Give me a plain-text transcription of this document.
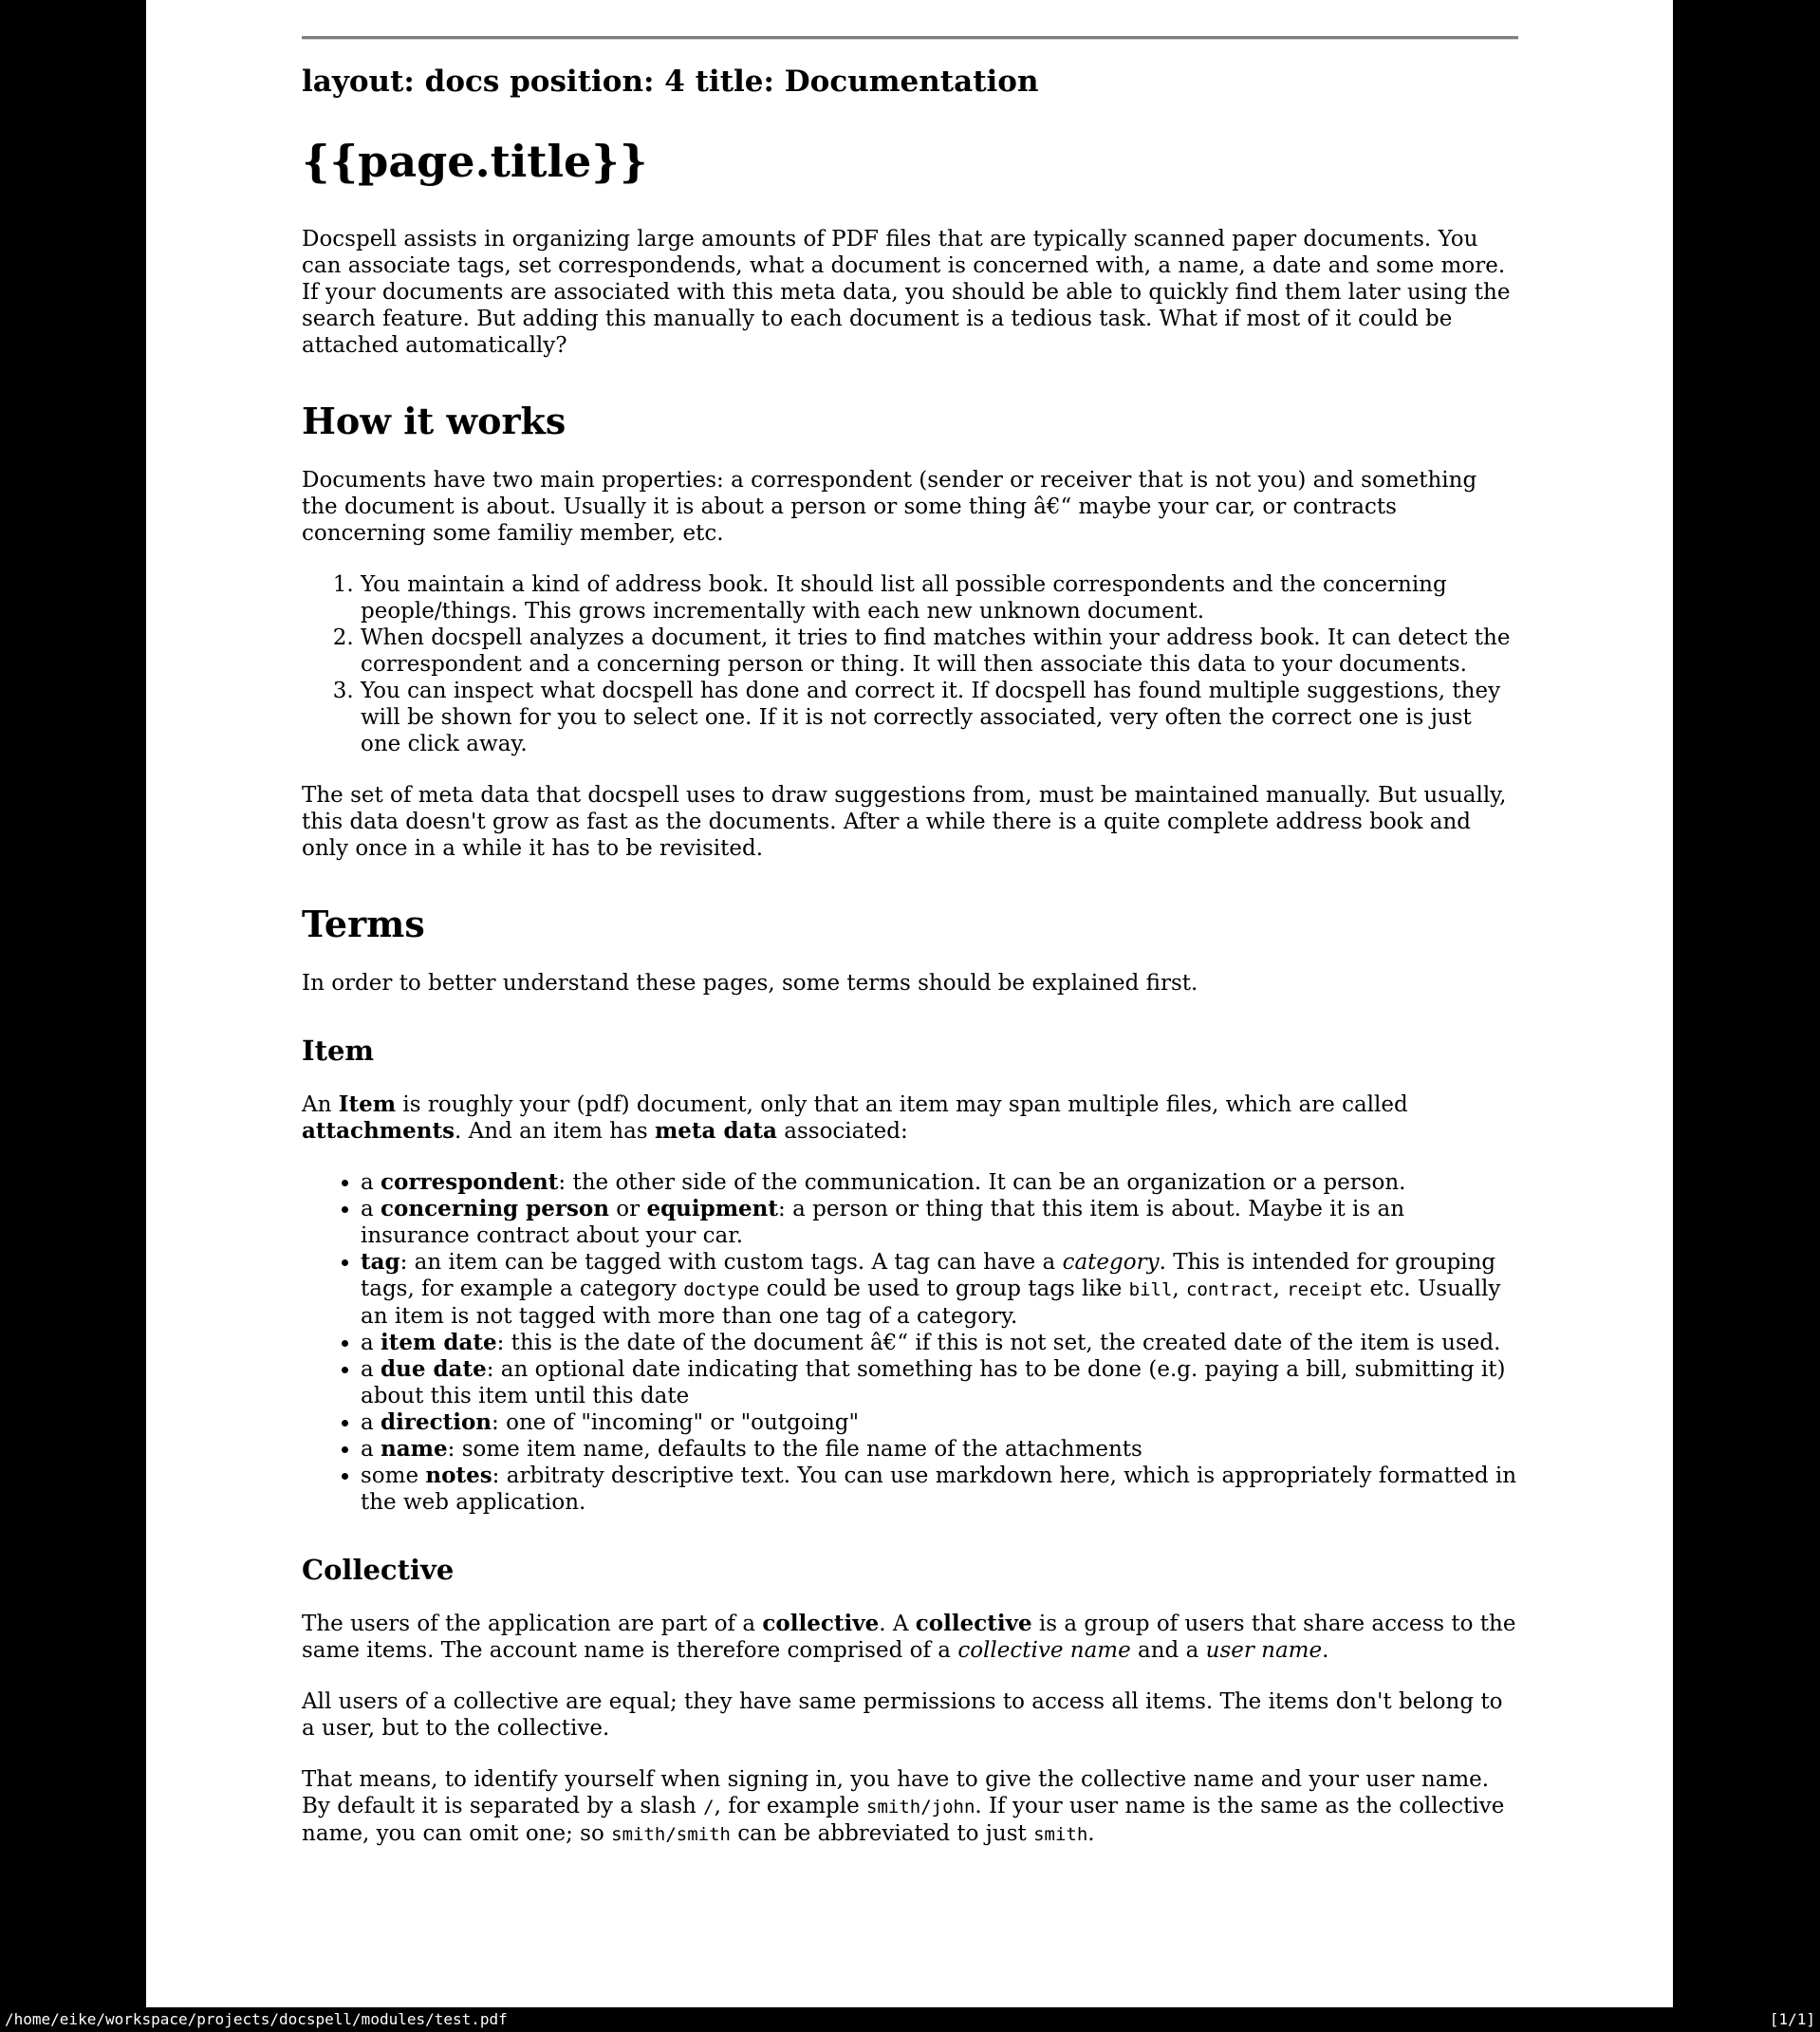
layout: docs position: 4 title: Documentation

{{page.title}}

Docspell assists in organizing large amounts of PDF files that are typically scanned paper documents. You can associate tags, set correspondends, what a document is concerned with, a name, a date and some more. If your documents are associated with this meta data, you should be able to quickly find them later using the search feature. But adding this manually to each document is a tedious task. What if most of it could be attached automatically?

How it works

Documents have two main properties: a correspondent (sender or receiver that is not you) and something the document is about. Usually it is about a person or some thing â€“ maybe your car, or contracts concerning some familiy member, etc.

1. You maintain a kind of address book. It should list all possible correspondents and the concerning people/things. This grows incrementally with each new unknown document.
2. When docspell analyzes a document, it tries to find matches within your address book. It can detect the correspondent and a concerning person or thing. It will then associate this data to your documents.
3. You can inspect what docspell has done and correct it. If docspell has found multiple suggestions, they will be shown for you to select one. If it is not correctly associated, very often the correct one is just one click away.

The set of meta data that docspell uses to draw suggestions from, must be maintained manually. But usually, this data doesn't grow as fast as the documents. After a while there is a quite complete address book and only once in a while it has to be revisited.

Terms

In order to better understand these pages, some terms should be explained first.

Item

An Item is roughly your (pdf) document, only that an item may span multiple files, which are called attachments. And an item has meta data associated:

• a correspondent: the other side of the communication. It can be an organization or a person.
• a concerning person or equipment: a person or thing that this item is about. Maybe it is an insurance contract about your car.
• tag: an item can be tagged with custom tags. A tag can have a category. This is intended for grouping tags, for example a category doctype could be used to group tags like bill, contract, receipt etc. Usually an item is not tagged with more than one tag of a category.
• a item date: this is the date of the document â€“ if this is not set, the created date of the item is used.
• a due date: an optional date indicating that something has to be done (e.g. paying a bill, submitting it) about this item until this date
• a direction: one of "incoming" or "outgoing"
• a name: some item name, defaults to the file name of the attachments
• some notes: arbitraty descriptive text. You can use markdown here, which is appropriately formatted in the web application.
Collective

The users of the application are part of a collective. A collective is a group of users that share access to the same items. The account name is therefore comprised of a collective name and a user name.

All users of a collective are equal; they have same permissions to access all items. The items don't belong to a user, but to the collective.

That means, to identify yourself when signing in, you have to give the collective name and your user name. By default it is separated by a slash /, for example smith/john. If your user name is the same as the collective name, you can omit one; so smith/smith can be abbreviated to just smith.

/home/eike/workspace/projects/docspell/modules/test.pdf	[1/1]
